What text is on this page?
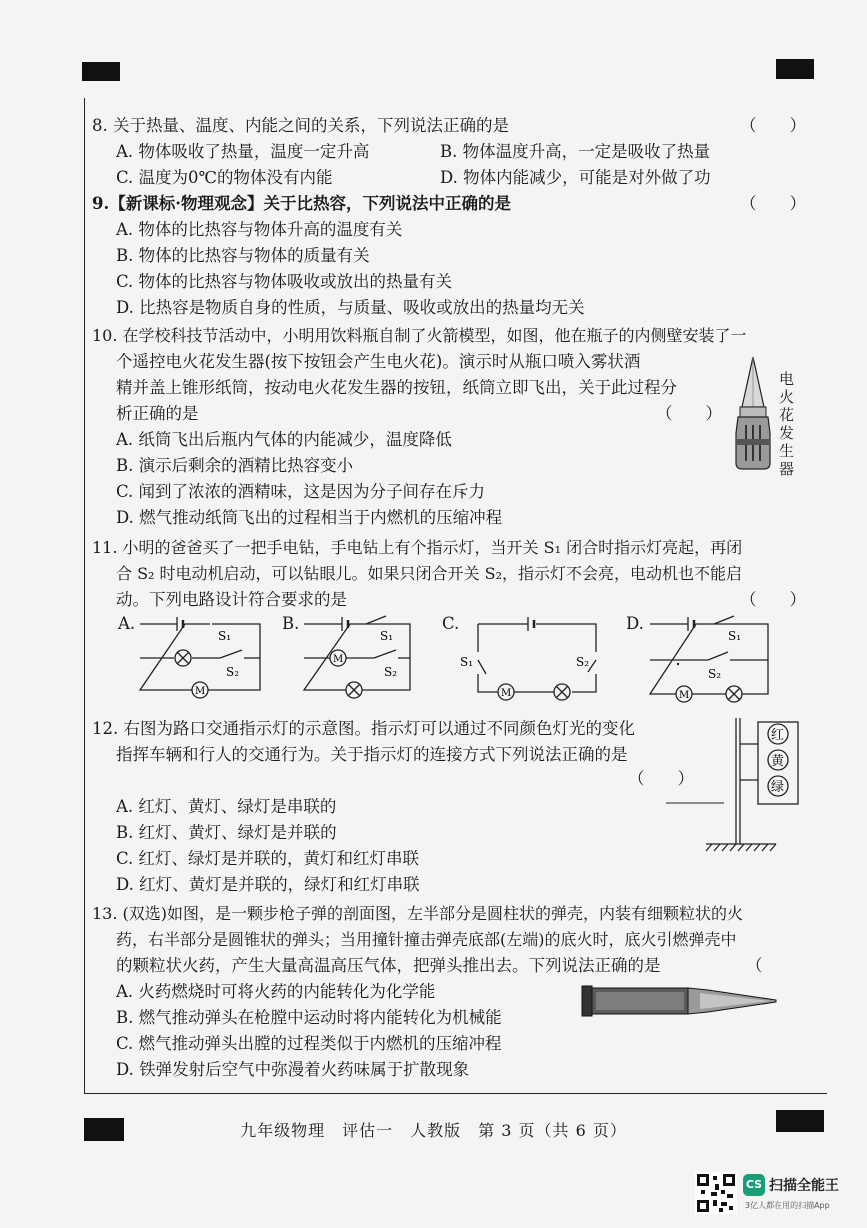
8. 关于热量、温度、内能之间的关系，下列说法正确的是	（　　）
A. 物体吸收了热量，温度一定升高	B. 物体温度升高，一定是吸收了热量
C. 温度为0℃的物体没有内能	D. 物体内能减少，可能是对外做了功
9.【新课标·物理观念】关于比热容，下列说法中正确的是	（　　）
A. 物体的比热容与物体升高的温度有关
B. 物体的比热容与物体的质量有关
C. 物体的比热容与物体吸收或放出的热量有关
D. 比热容是物质自身的性质，与质量、吸收或放出的热量均无关
10. 在学校科技节活动中，小明用饮料瓶自制了火箭模型，如图，他在瓶子的内侧壁安装了一
个遥控电火花发生器(按下按钮会产生电火花)。演示时从瓶口喷入雾状酒
精并盖上锥形纸筒，按动电火花发生器的按钮，纸筒立即飞出，关于此过程分
析正确的是	（　　）
A. 纸筒飞出后瓶内气体的内能减少，温度降低
B. 演示后剩余的酒精比热容变小
C. 闻到了浓浓的酒精味，这是因为分子间存在斥力
D. 燃气推动纸筒飞出的过程相当于内燃机的压缩冲程
电火花发生器
11. 小明的爸爸买了一把手电钻，手电钻上有个指示灯，当开关 S₁ 闭合时指示灯亮起，再闭
合 S₂ 时电动机启动，可以钻眼儿。如果只闭合开关 S₂，指示灯不会亮，电动机也不能启
动。下列电路设计符合要求的是	（　　）
A.
S₁
S₂
M
B.
S₁
S₂
M
C.
S₁	S₂
M
D.
S₁
S₂
M
12. 右图为路口交通指示灯的示意图。指示灯可以通过不同颜色灯光的变化
指挥车辆和行人的交通行为。关于指示灯的连接方式下列说法正确的是
（　　）
A. 红灯、黄灯、绿灯是串联的
B. 红灯、黄灯、绿灯是并联的
C. 红灯、绿灯是并联的，黄灯和红灯串联
D. 红灯、黄灯是并联的，绿灯和红灯串联
红
黄
绿
13. (双选)如图，是一颗步枪子弹的剖面图，左半部分是圆柱状的弹壳，内装有细颗粒状的火
药，右半部分是圆锥状的弹头；当用撞针撞击弹壳底部(左端)的底火时，底火引燃弹壳中
的颗粒状火药，产生大量高温高压气体，把弹头推出去。下列说法正确的是	（
A. 火药燃烧时可将火药的内能转化为化学能
B. 燃气推动弹头在枪膛中运动时将内能转化为机械能
C. 燃气推动弹头出膛的过程类似于内燃机的压缩冲程
D. 铁弹发射后空气中弥漫着火药味属于扩散现象
九年级物理　评估一　人教版　第 3 页（共 6 页）
CS 扫描全能王
3亿人都在用的扫描App
